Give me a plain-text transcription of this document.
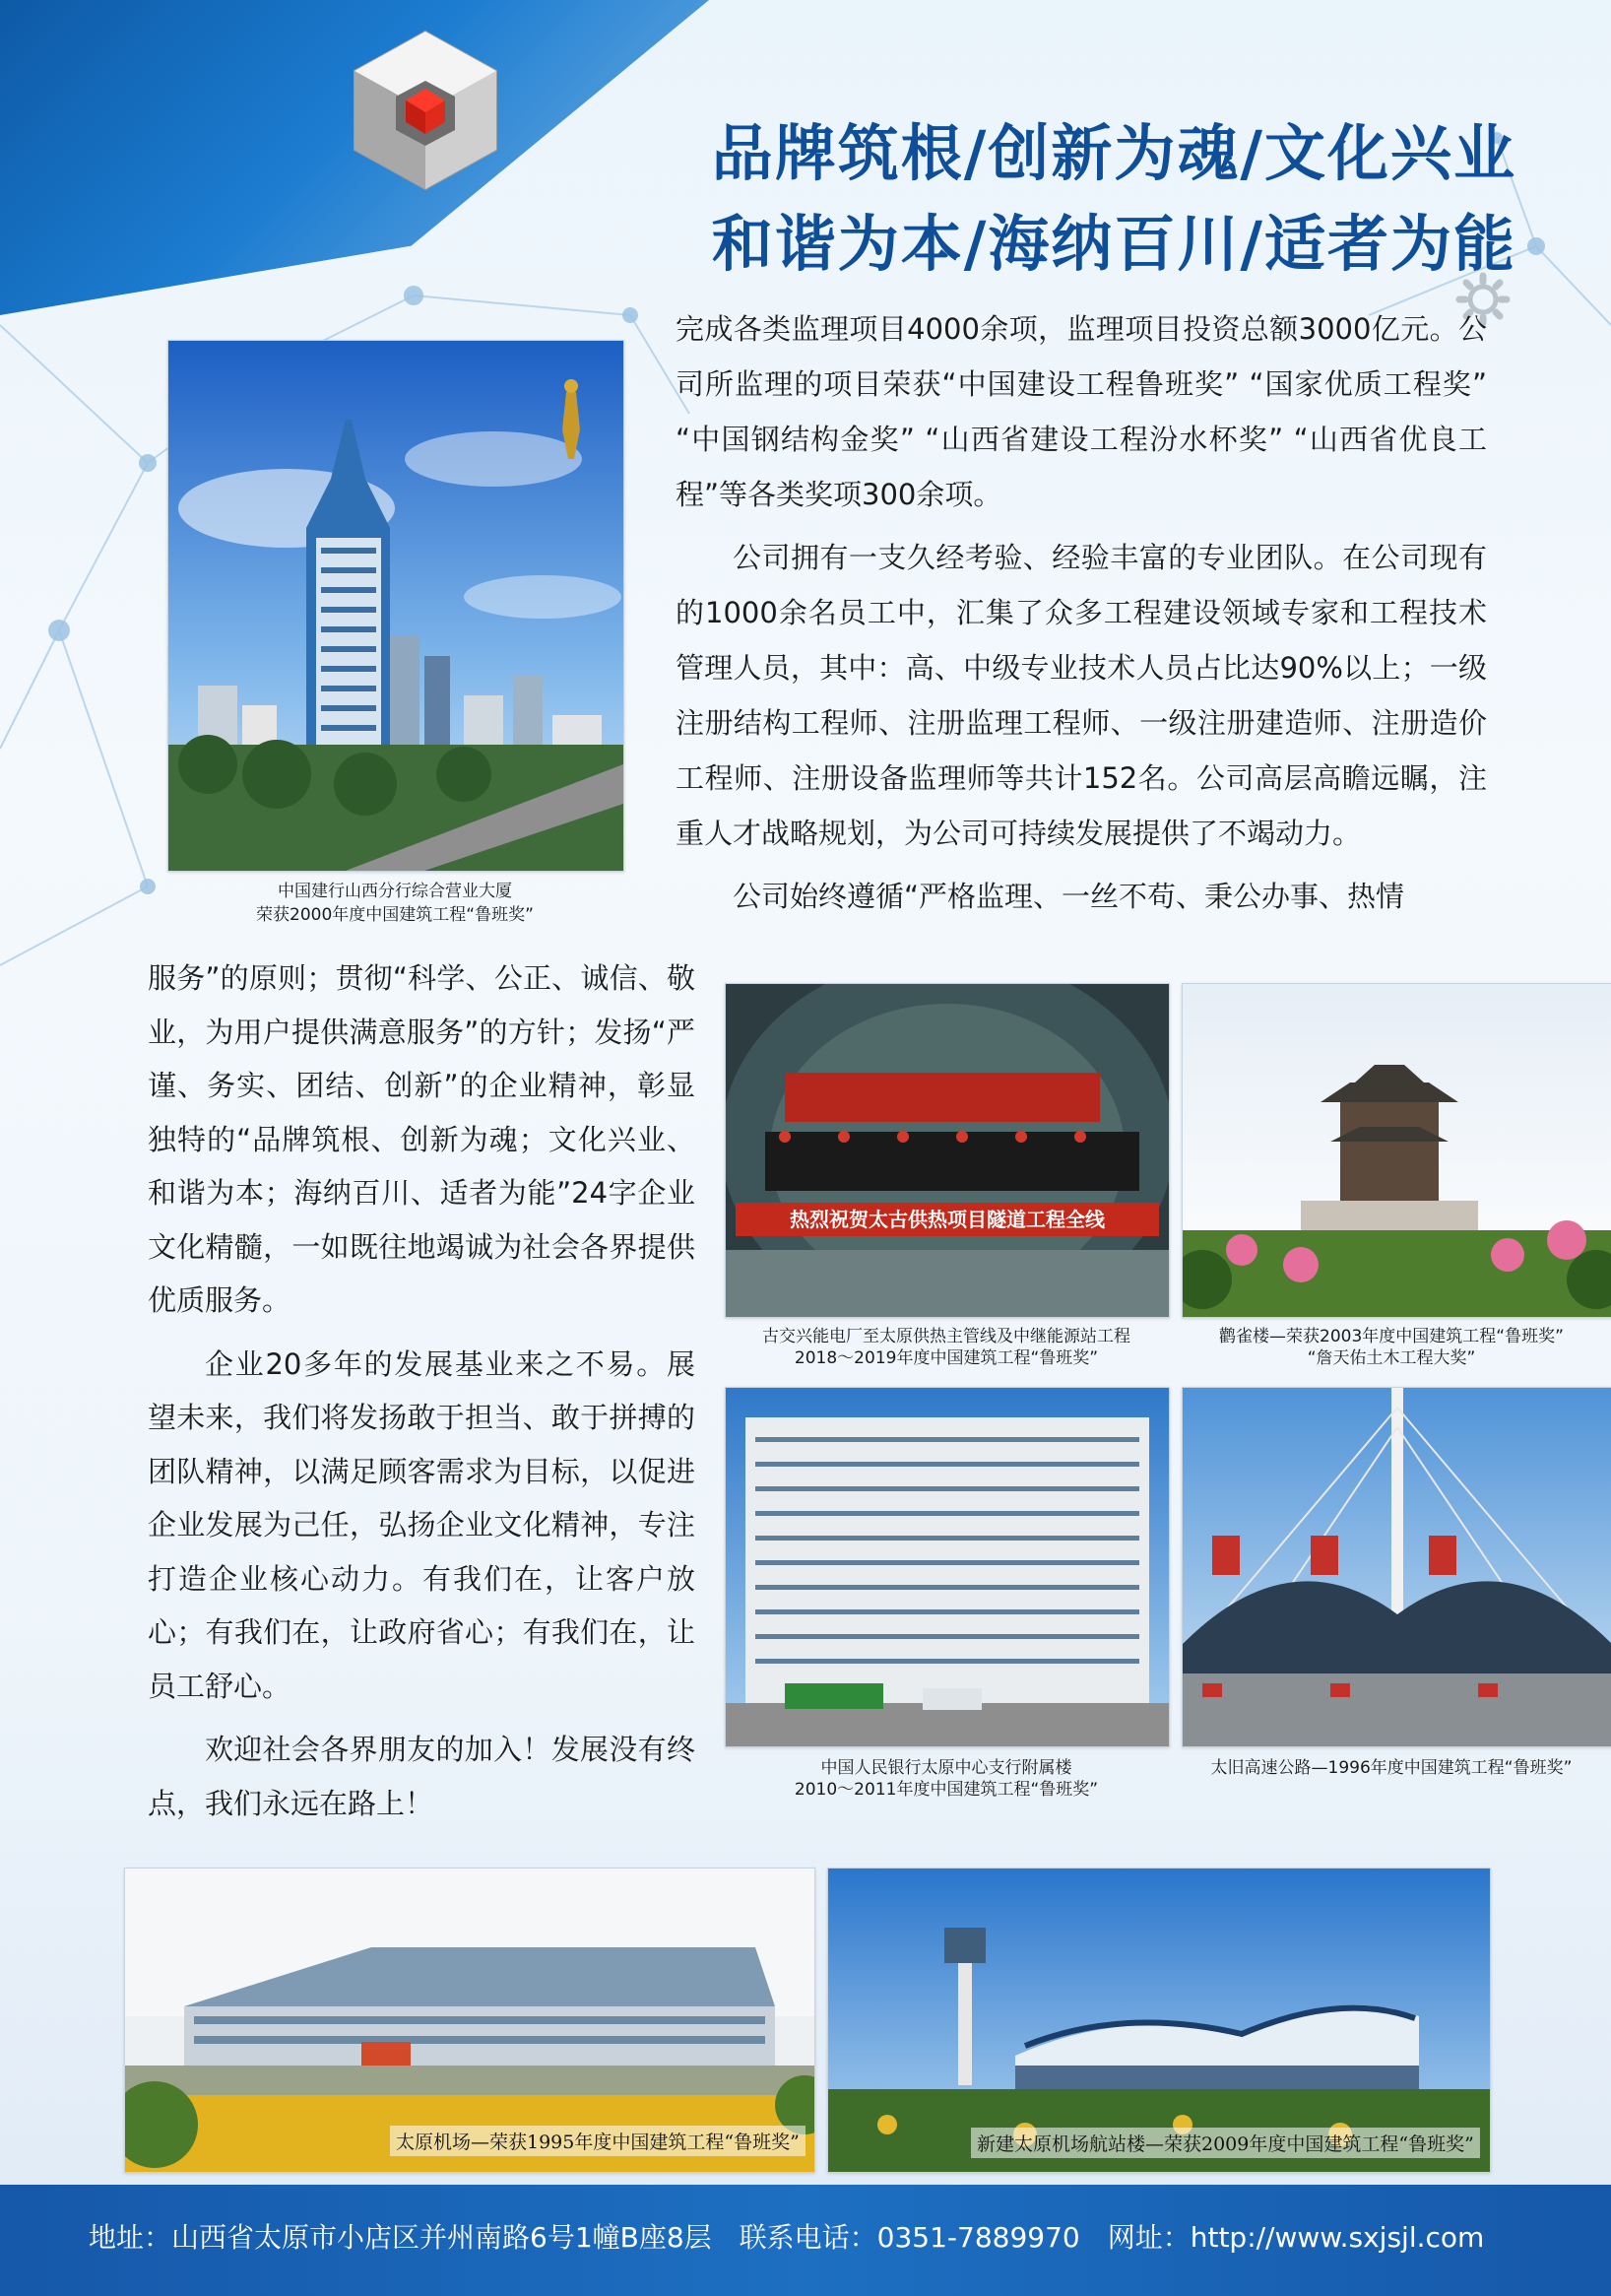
品牌筑根/创新为魂/文化兴业
和谐为本/海纳百川/适者为能

完成各类监理项目4000余项，监理项目投资总额3000亿元。公司所监理的项目荣获“中国建设工程鲁班奖” “国家优质工程奖” “中国钢结构金奖” “山西省建设工程汾水杯奖” “山西省优良工程”等各类奖项300余项。

公司拥有一支久经考验、经验丰富的专业团队。在公司现有的1000余名员工中，汇集了众多工程建设领域专家和工程技术管理人员，其中：高、中级专业技术人员占比达90%以上；一级注册结构工程师、注册监理工程师、一级注册建造师、注册造价工程师、注册设备监理师等共计152名。公司高层高瞻远瞩，注重人才战略规划，为公司可持续发展提供了不竭动力。

公司始终遵循“严格监理、一丝不苟、秉公办事、热情

中国建行山西分行综合营业大厦
荣获2000年度中国建筑工程“鲁班奖”

服务”的原则；贯彻“科学、公正、诚信、敬业，为用户提供满意服务”的方针；发扬“严谨、务实、团结、创新”的企业精神，彰显独特的“品牌筑根、创新为魂；文化兴业、和谐为本；海纳百川、适者为能”24字企业文化精髓，一如既往地竭诚为社会各界提供优质服务。

企业20多年的发展基业来之不易。展望未来，我们将发扬敢于担当、敢于拼搏的团队精神，以满足顾客需求为目标，以促进企业发展为己任，弘扬企业文化精神，专注打造企业核心动力。有我们在，让客户放心；有我们在，让政府省心；有我们在，让员工舒心。

欢迎社会各界朋友的加入！发展没有终点，我们永远在路上！

热烈祝贺太古供热项目隧道工程全线
古交兴能电厂至太原供热主管线及中继能源站工程
2018～2019年度中国建筑工程“鲁班奖”
鹳雀楼—荣获2003年度中国建筑工程“鲁班奖”
“詹天佑土木工程大奖”
中国人民银行太原中心支行附属楼
2010～2011年度中国建筑工程“鲁班奖”
太旧高速公路—1996年度中国建筑工程“鲁班奖”
太原机场—荣获1995年度中国建筑工程“鲁班奖”	新建太原机场航站楼—荣获2009年度中国建筑工程“鲁班奖”
地址：山西省太原市小店区并州南路6号1幢B座8层　联系电话：0351-7889970　网址：http://www.sxjsjl.com
